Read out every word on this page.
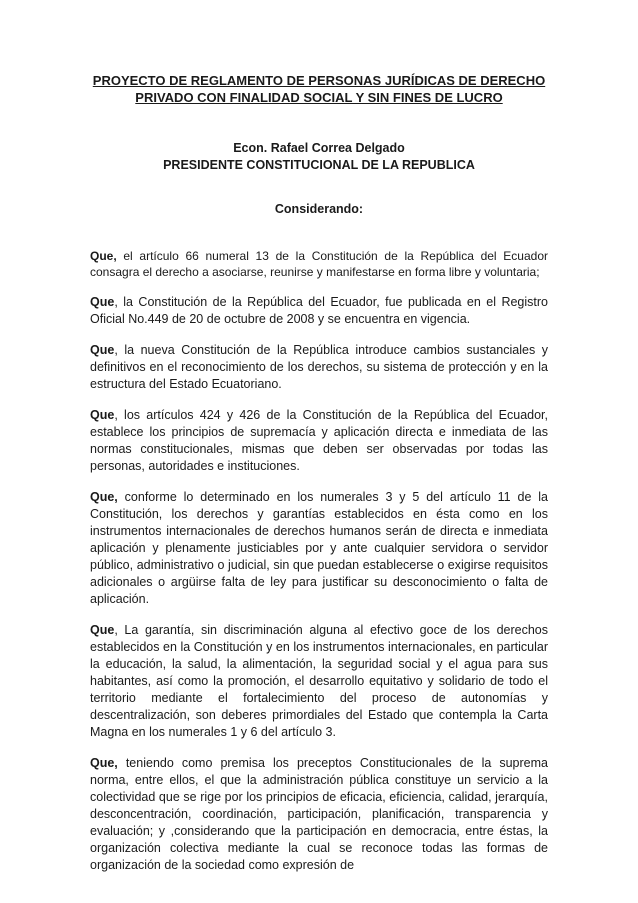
PROYECTO DE REGLAMENTO DE PERSONAS JURÍDICAS DE DERECHO
PRIVADO CON FINALIDAD SOCIAL Y SIN FINES DE LUCRO
Econ. Rafael Correa Delgado
PRESIDENTE CONSTITUCIONAL DE LA REPUBLICA
Considerando:

Que, el artículo 66 numeral 13 de la Constitución de la República del Ecuador consagra el derecho a asociarse, reunirse y manifestarse en forma libre y voluntaria;

Que, la Constitución de la República del Ecuador, fue publicada en el Registro Oficial No.449 de 20 de octubre de 2008 y se encuentra en vigencia.

Que, la nueva Constitución de la República introduce cambios sustanciales y definitivos en el reconocimiento de los derechos, su sistema de protección y en la estructura del Estado Ecuatoriano.

Que, los artículos 424 y 426 de la Constitución de la República del Ecuador, establece los principios de supremacía y aplicación directa e inmediata de las normas constitucionales, mismas que deben ser observadas por todas las personas, autoridades e instituciones.

Que, conforme lo determinado en los numerales 3 y 5 del artículo 11 de la Constitución, los derechos y garantías establecidos en ésta como en los instrumentos internacionales de derechos humanos serán de directa e inmediata aplicación y plenamente justiciables por y ante cualquier servidora o servidor público, administrativo o judicial, sin que puedan establecerse o exigirse requisitos adicionales o argüirse falta de ley para justificar su desconocimiento o falta de aplicación.

Que, La garantía, sin discriminación alguna al efectivo goce de los derechos establecidos en la Constitución y en los instrumentos internacionales, en particular la educación, la salud, la alimentación, la seguridad social y el agua para sus habitantes, así como la promoción, el desarrollo equitativo y solidario de todo el territorio mediante el fortalecimiento del proceso de autonomías y descentralización, son deberes primordiales del Estado que contempla la Carta Magna en los numerales 1 y 6 del artículo 3.

Que, teniendo como premisa los preceptos Constitucionales de la suprema norma, entre ellos, el que la administración pública constituye un servicio a la colectividad que se rige por los principios de eficacia, eficiencia, calidad, jerarquía, desconcentración, coordinación, participación, planificación, transparencia y evaluación; y ,considerando que la participación en democracia, entre éstas, la organización colectiva mediante la cual se reconoce todas las formas de organización de la sociedad como expresión de
